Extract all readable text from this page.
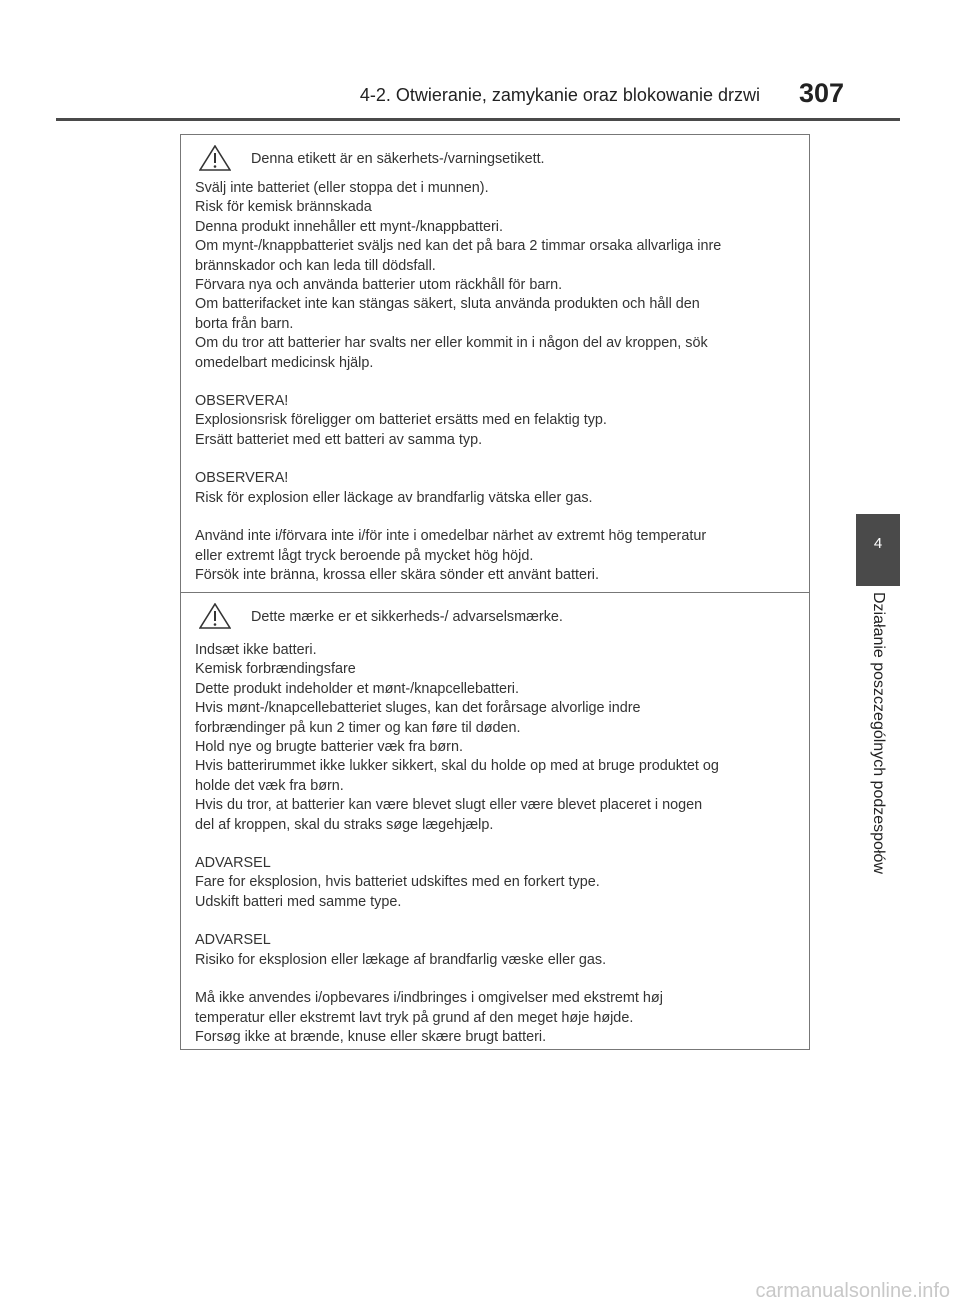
4-2. Otwieranie, zamykanie oraz blokowanie drzwi 307
4
Działanie poszczególnych podzespołów
Denna etikett är en säkerhets-/varningsetikett.

Svälj inte batteriet (eller stoppa det i munnen).

Risk för kemisk brännskada

Denna produkt innehåller ett mynt-/knappbatteri.

Om mynt-/knappbatteriet sväljs ned kan det på bara 2 timmar orsaka allvarliga inre

brännskador och kan leda till dödsfall.

Förvara nya och använda batterier utom räckhåll för barn.

Om batterifacket inte kan stängas säkert, sluta använda produkten och håll den

borta från barn.

Om du tror att batterier har svalts ner eller kommit in i någon del av kroppen, sök

omedelbart medicinsk hjälp.

OBSERVERA!

Explosionsrisk föreligger om batteriet ersätts med en felaktig typ.

Ersätt batteriet med ett batteri av samma typ.

OBSERVERA!

Risk för explosion eller läckage av brandfarlig vätska eller gas.

Använd inte i/förvara inte i/för inte i omedelbar närhet av extremt hög temperatur

eller extremt lågt tryck beroende på mycket hög höjd.

Försök inte bränna, krossa eller skära sönder ett använt batteri.

Dette mærke er et sikkerheds-/ advarselsmærke.

Indsæt ikke batteri.

Kemisk forbrændingsfare

Dette produkt indeholder et mønt-/knapcellebatteri.

Hvis mønt-/knapcellebatteriet sluges, kan det forårsage alvorlige indre

forbrændinger på kun 2 timer og kan føre til døden.

Hold nye og brugte batterier væk fra børn.

Hvis batterirummet ikke lukker sikkert, skal du holde op med at bruge produktet og

holde det væk fra børn.

Hvis du tror, at batterier kan være blevet slugt eller være blevet placeret i nogen

del af kroppen, skal du straks søge lægehjælp.

ADVARSEL

Fare for eksplosion, hvis batteriet udskiftes med en forkert type.

Udskift batteri med samme type.

ADVARSEL

Risiko for eksplosion eller lækage af brandfarlig væske eller gas.

Må ikke anvendes i/opbevares i/indbringes i omgivelser med ekstremt høj

temperatur eller ekstremt lavt tryk på grund af den meget høje højde.

Forsøg ikke at brænde, knuse eller skære brugt batteri.

carmanualsonline.info
